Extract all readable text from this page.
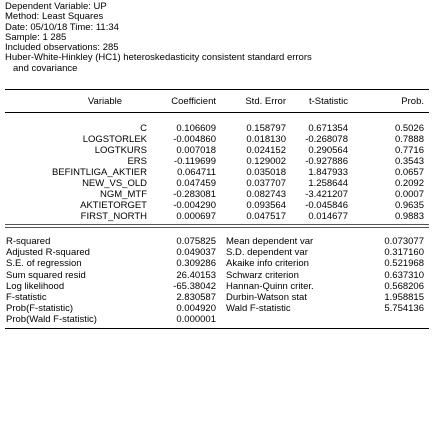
Dependent Variable: UP
Method: Least Squares
Date: 05/10/18 Time: 11:34
Sample: 1 285
Included observations: 285
Huber-White-Hinkley (HC1) heteroskedasticity consistent standard errors
and covariance
Variable	Coefficient	Std. Error	t-Statistic	Prob.
C	0.106609	0.158797	0.671354	0.5026
LOGSTORLEK	-0.004860	0.018130	-0.268078	0.7888
LOGTKURS	0.007018	0.024152	0.290564	0.7716
ERS	-0.119699	0.129002	-0.927886	0.3543
BEFINTLIGA_AKTIER	0.064711	0.035018	1.847933	0.0657
NEW_VS_OLD	0.047459	0.037707	1.258644	0.2092
NGM_MTF	-0.283081	0.082743	-3.421207	0.0007
AKTIETORGET	-0.004290	0.093564	-0.045846	0.9635
FIRST_NORTH	0.000697	0.047517	0.014677	0.9883
R-squared	0.075825 Mean dependent var	0.073077
Adjusted R-squared	0.049037 S.D. dependent var	0.317160
S.E. of regression	0.309286 Akaike info criterion	0.521968
Sum squared resid	26.40153 Schwarz criterion	0.637310
Log likelihood	-65.38042 Hannan-Quinn criter.	0.568206
F-statistic	2.830587 Durbin-Watson stat	1.958815
Prob(F-statistic)	0.004920 Wald F-statistic	5.754136
Prob(Wald F-statistic)	0.000001
